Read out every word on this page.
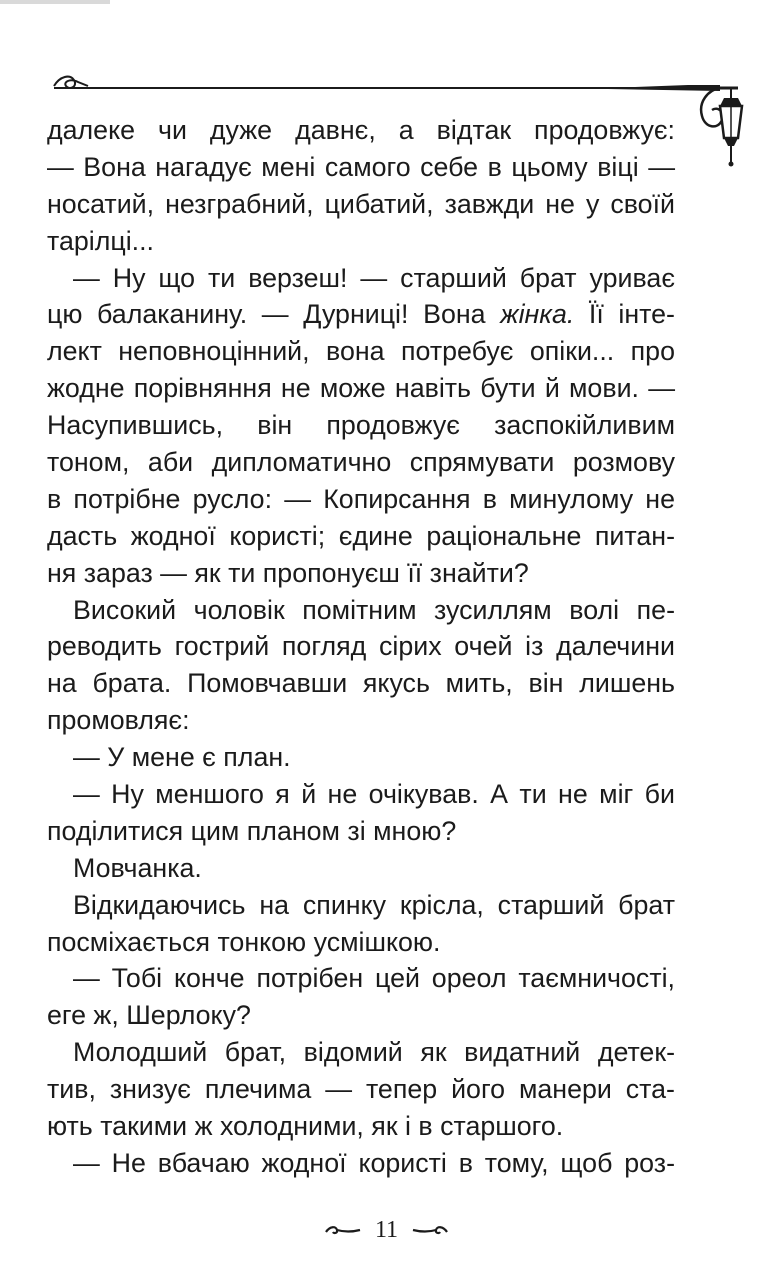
далеке чи дуже давнє, а відтак продовжує:
— Вона нагадує мені самого себе в цьому віці —
носатий, незграбний, цибатий, завжди не у своїй
тарілці...
— Ну що ти верзеш! — старший брат уриває
цю балаканину. — Дурниці! Вона жінка. Її інте-
лект неповноцінний, вона потребує опіки... про
жодне порівняння не може навіть бути й мови. —
Насупившись, він продовжує заспокійливим
тоном, аби дипломатично спрямувати розмову
в потрібне русло: — Копирсання в минулому не
дасть жодної користі; єдине раціональне питан-
ня зараз — як ти пропонуєш її знайти?
Високий чоловік помітним зусиллям волі пе-
реводить гострий погляд сірих очей із далечини
на брата. Помовчавши якусь мить, він лишень
промовляє:
— У мене є план.
— Ну меншого я й не очікував. А ти не міг би
поділитися цим планом зі мною?
Мовчанка.
Відкидаючись на спинку крісла, старший брат
посміхається тонкою усмішкою.
— Тобі конче потрібен цей ореол таємничості,
еге ж, Шерлоку?
Молодший брат, відомий як видатний детек-
тив, знизує плечима — тепер його манери ста-
ють такими ж холодними, як і в старшого.
— Не вбачаю жодної користі в тому, щоб роз-
11
